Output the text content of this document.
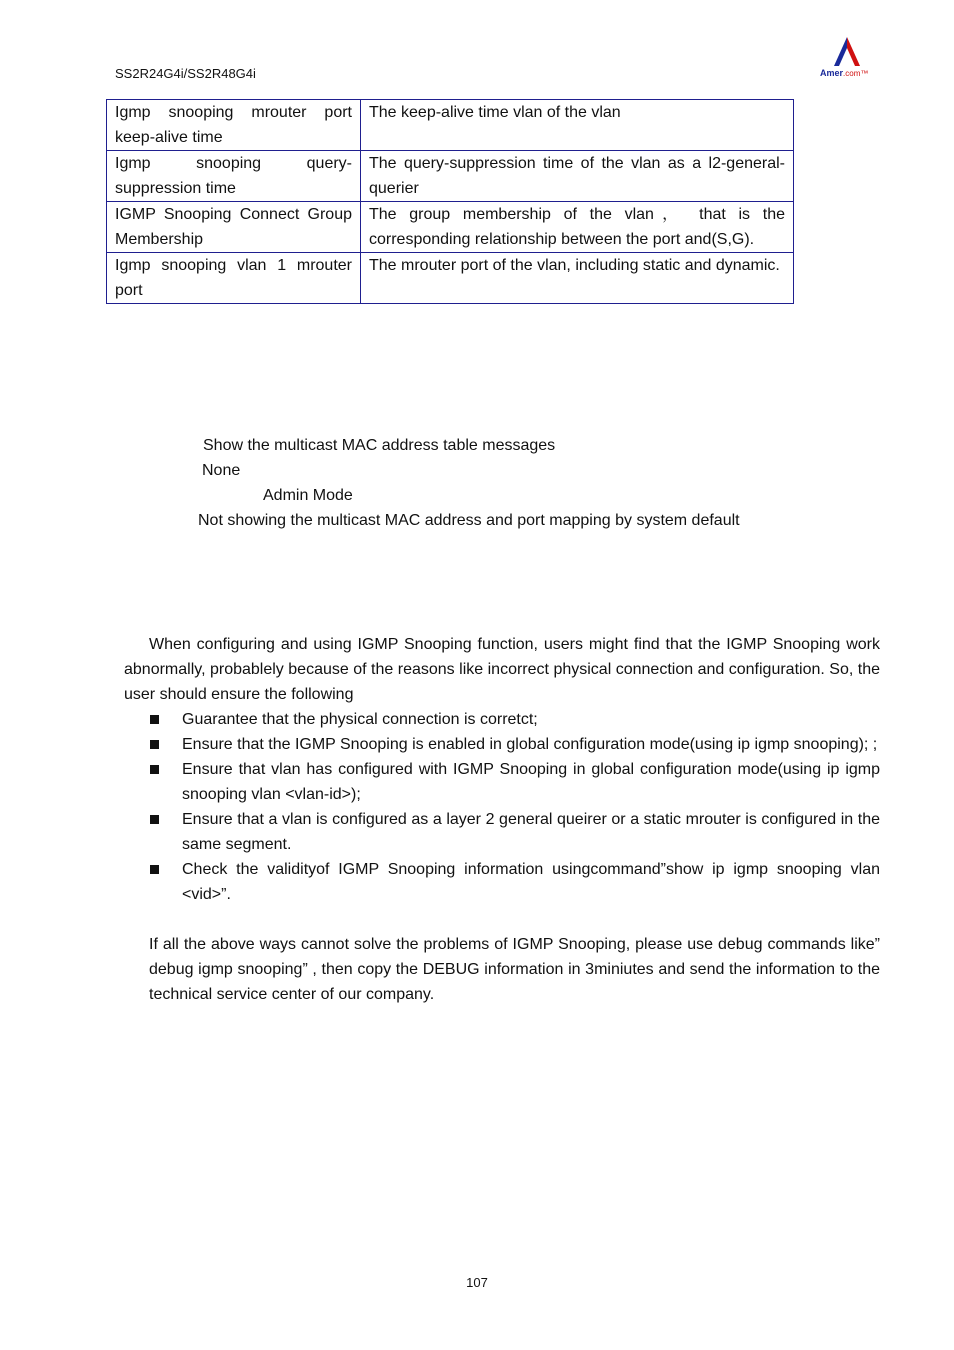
SS2R24G4i/SS2R48G4i	Amer.com™
Igmp snooping mrouter port keep-alive time	The keep-alive time vlan of the vlan
Igmp snooping query-suppression time	The query-suppression time of the vlan as a l2-general-querier
IGMP Snooping Connect Group Membership	The group membership of the vlan， that is the corresponding relationship between the port and(S,G).
Igmp snooping vlan 1 mrouter port	The mrouter port of the vlan, including static and dynamic.
Show the multicast MAC address table messages
None
Admin Mode
Not showing the multicast MAC address and port mapping by system default
When configuring and using IGMP Snooping function, users might find that the IGMP Snooping work abnormally, probablely because of the reasons like incorrect physical connection and configuration. So, the user should ensure the following
Guarantee that the physical connection is corretct;
Ensure that the IGMP Snooping is enabled in global configuration mode(using ip igmp snooping); ;
Ensure that vlan has configured with IGMP Snooping in global configuration mode(using ip igmp snooping vlan <vlan-id>);
Ensure that a vlan is configured as a layer 2 general queirer or a static mrouter is configured in the same segment.
Check the validityof IGMP Snooping information usingcommand”show ip igmp snooping vlan <vid>”.
If all the above ways cannot solve the problems of IGMP Snooping, please use debug commands like” debug igmp snooping” , then copy the DEBUG information in 3miniutes and send the information to the technical service center of our company.
107
